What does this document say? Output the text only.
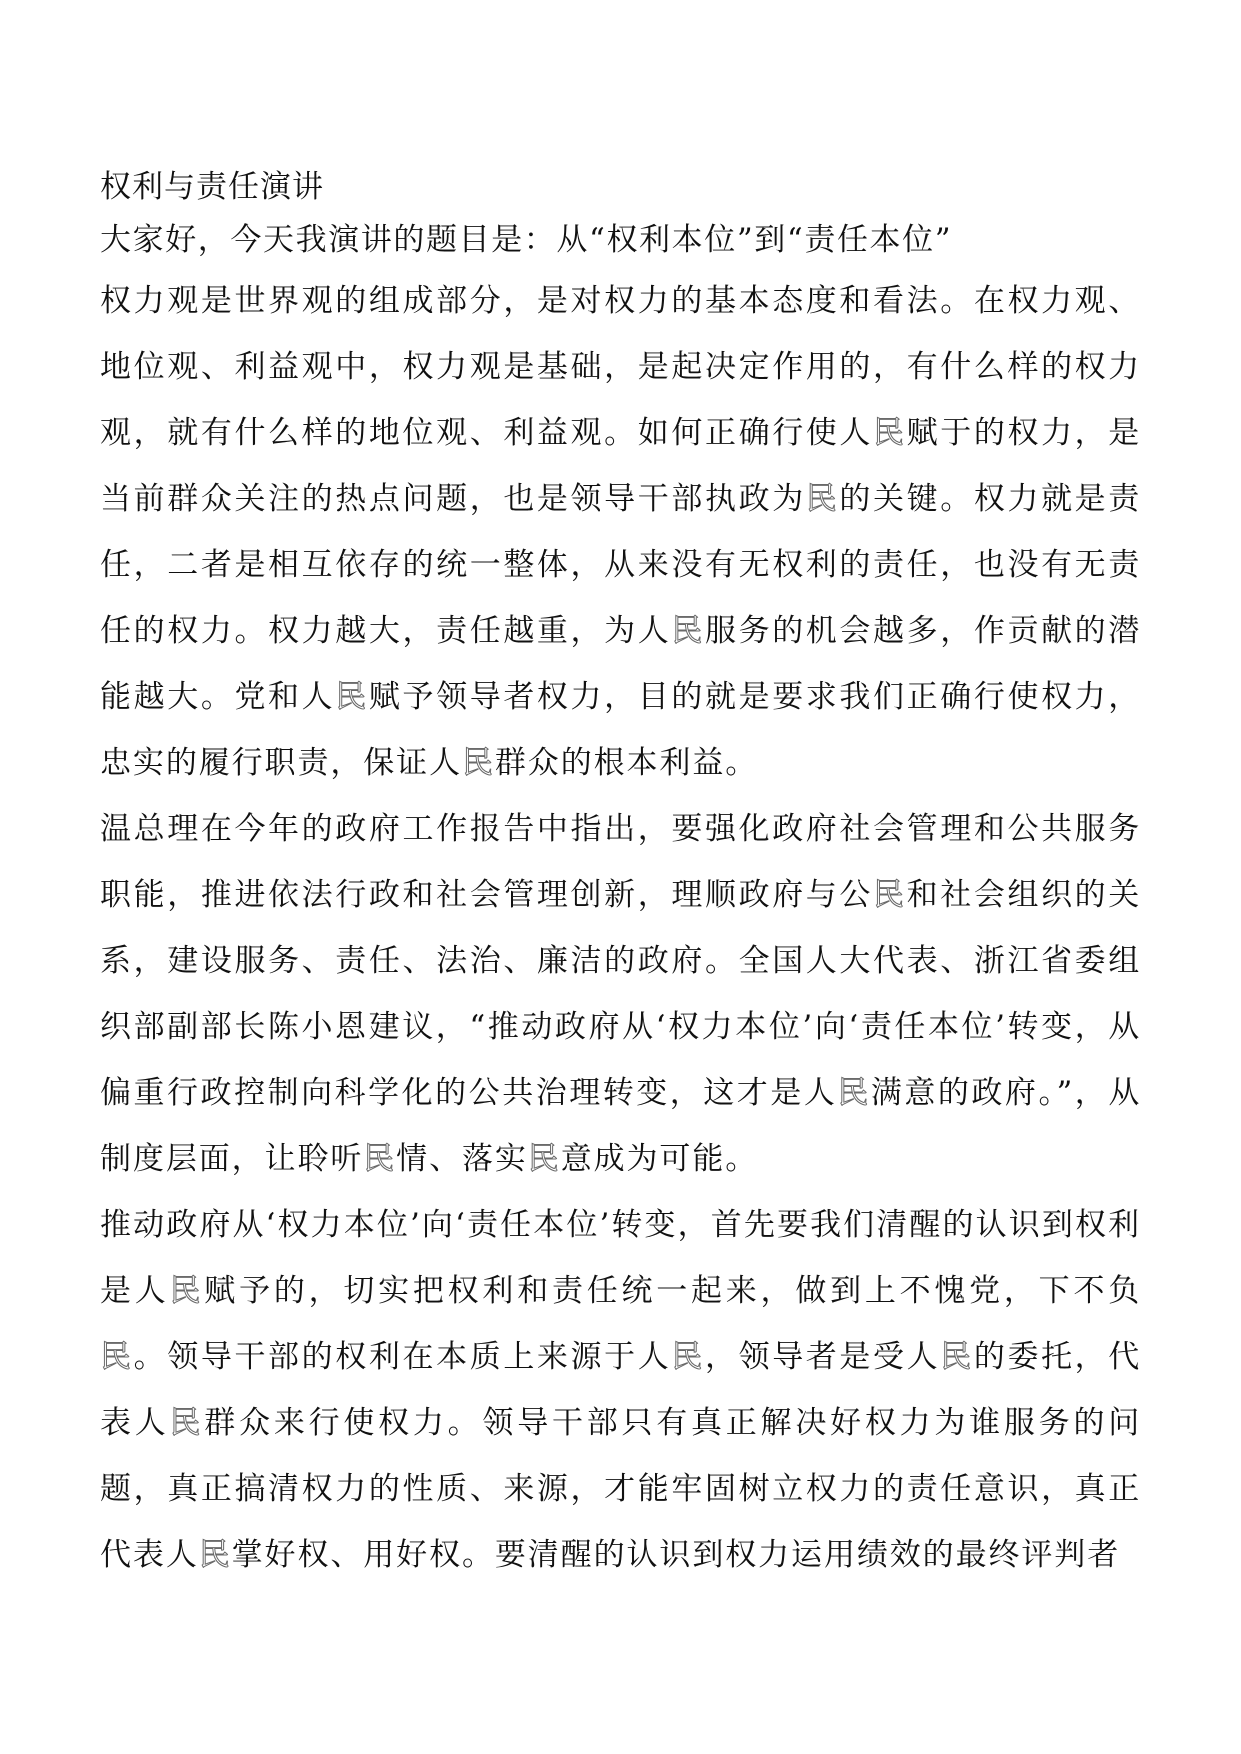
权利与责任演讲

大家好，今天我演讲的题目是：从“权利本位”到“责任本位”

权力观是世界观的组成部分，是对权力的基本态度和看法。在权力观、地位观、利益观中，权力观是基础，是起决定作用的，有什么样的权力观，就有什么样的地位观、利益观。如何正确行使人民赋于的权力，是当前群众关注的热点问题，也是领导干部执政为民的关键。权力就是责任，二者是相互依存的统一整体，从来没有无权利的责任，也没有无责任的权力。权力越大，责任越重，为人民服务的机会越多，作贡献的潜能越大。党和人民赋予领导者权力，目的就是要求我们正确行使权力，忠实的履行职责，保证人民群众的根本利益。

温总理在今年的政府工作报告中指出，要强化政府社会管理和公共服务职能，推进依法行政和社会管理创新，理顺政府与公民和社会组织的关系，建设服务、责任、法治、廉洁的政府。全国人大代表、浙江省委组织部副部长陈小恩建议，“推动政府从‘权力本位’向‘责任本位’转变，从偏重行政控制向科学化的公共治理转变，这才是人民满意的政府。”，从制度层面，让聆听民情、落实民意成为可能。

推动政府从‘权力本位’向‘责任本位’转变，首先要我们清醒的认识到权利是人民赋予的，切实把权利和责任统一起来，做到上不愧党，下不负民。领导干部的权利在本质上来源于人民，领导者是受人民的委托，代表人民群众来行使权力。领导干部只有真正解决好权力为谁服务的问题，真正搞清权力的性质、来源，才能牢固树立权力的责任意识，真正代表人民掌好权、用好权。要清醒的认识到权力运用绩效的最终评判者
